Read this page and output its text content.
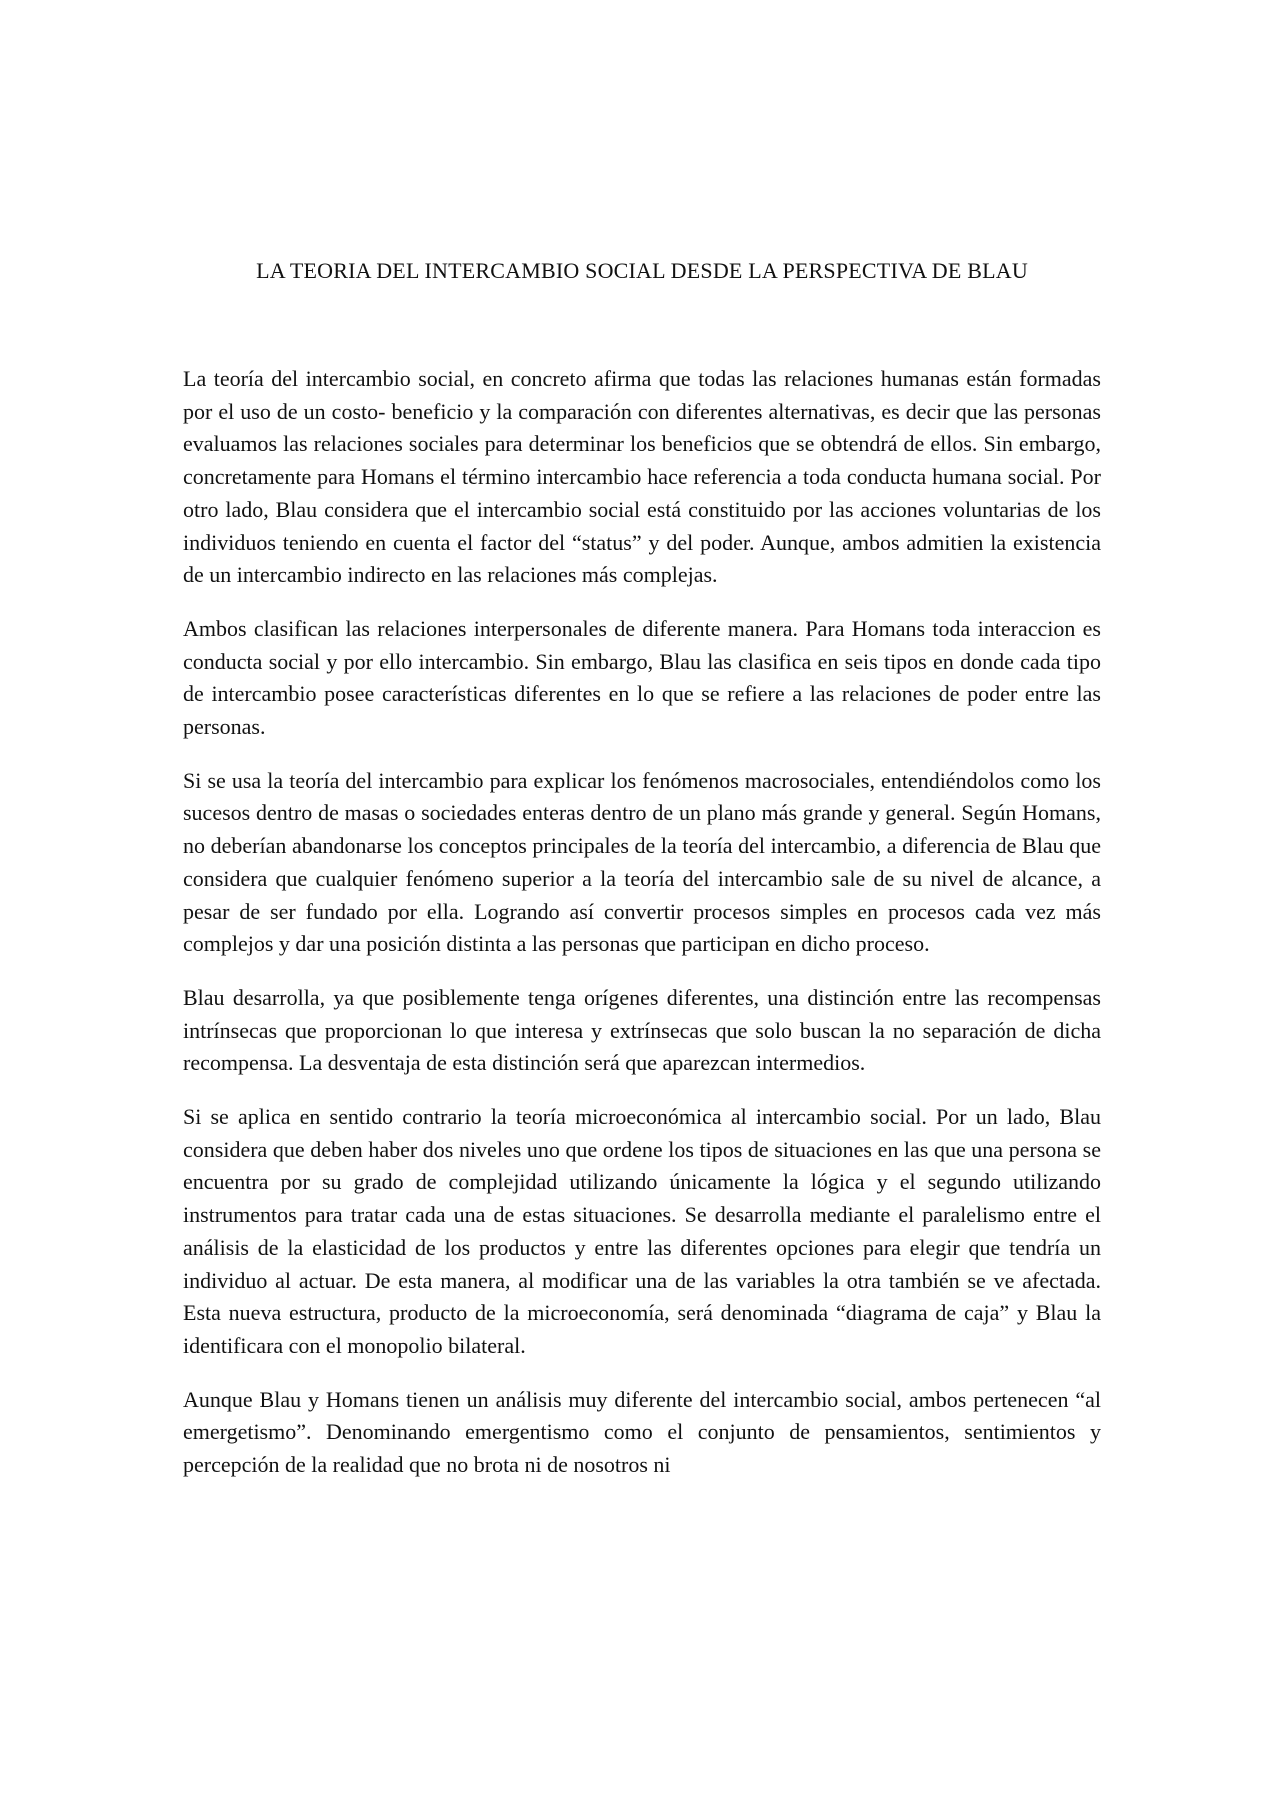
LA TEORIA DEL INTERCAMBIO SOCIAL DESDE LA PERSPECTIVA DE BLAU

La teoría del intercambio social, en concreto afirma que todas las relaciones humanas están formadas por el uso de un costo- beneficio y la comparación con diferentes alternativas, es decir que las personas evaluamos las relaciones sociales para determinar los beneficios que se obtendrá de ellos. Sin embargo, concretamente para Homans el término intercambio hace referencia a toda conducta humana social. Por otro lado, Blau considera que el intercambio social está constituido por las acciones voluntarias de los individuos teniendo en cuenta el factor del “status” y del poder. Aunque, ambos admitien la existencia de un intercambio indirecto en las relaciones más complejas.

Ambos clasifican las relaciones interpersonales de diferente manera. Para Homans toda interaccion es conducta social y por ello intercambio. Sin embargo, Blau las clasifica en seis tipos en donde cada tipo de intercambio posee características diferentes en lo que se refiere a las relaciones de poder entre las personas.

Si se usa la teoría del intercambio para explicar los fenómenos macrosociales, entendiéndolos como los sucesos dentro de masas o sociedades enteras dentro de un plano más grande y general. Según Homans, no deberían abandonarse los conceptos principales de la teoría del intercambio, a diferencia de Blau que considera que cualquier fenómeno superior a la teoría del intercambio sale de su nivel de alcance, a pesar de ser fundado por ella. Logrando así convertir procesos simples en procesos cada vez más complejos y dar una posición distinta a las personas que participan en dicho proceso.

Blau desarrolla, ya que posiblemente tenga orígenes diferentes, una distinción entre las recompensas intrínsecas que proporcionan lo que interesa y extrínsecas que solo buscan la no separación de dicha recompensa. La desventaja de esta distinción será que aparezcan intermedios.

Si se aplica en sentido contrario la teoría microeconómica al intercambio social. Por un lado, Blau considera que deben haber dos niveles uno que ordene los tipos de situaciones en las que una persona se encuentra por su grado de complejidad utilizando únicamente la lógica y el segundo utilizando instrumentos para tratar cada una de estas situaciones. Se desarrolla mediante el paralelismo entre el análisis de la elasticidad de los productos y entre las diferentes opciones para elegir que tendría un individuo al actuar. De esta manera, al modificar una de las variables la otra también se ve afectada. Esta nueva estructura, producto de la microeconomía, será denominada “diagrama de caja” y Blau la identificara con el monopolio bilateral.

Aunque Blau y Homans tienen un análisis muy diferente del intercambio social, ambos pertenecen “al emergetismo”. Denominando emergentismo como el conjunto de pensamientos, sentimientos y percepción de la realidad que no brota ni de nosotros ni
